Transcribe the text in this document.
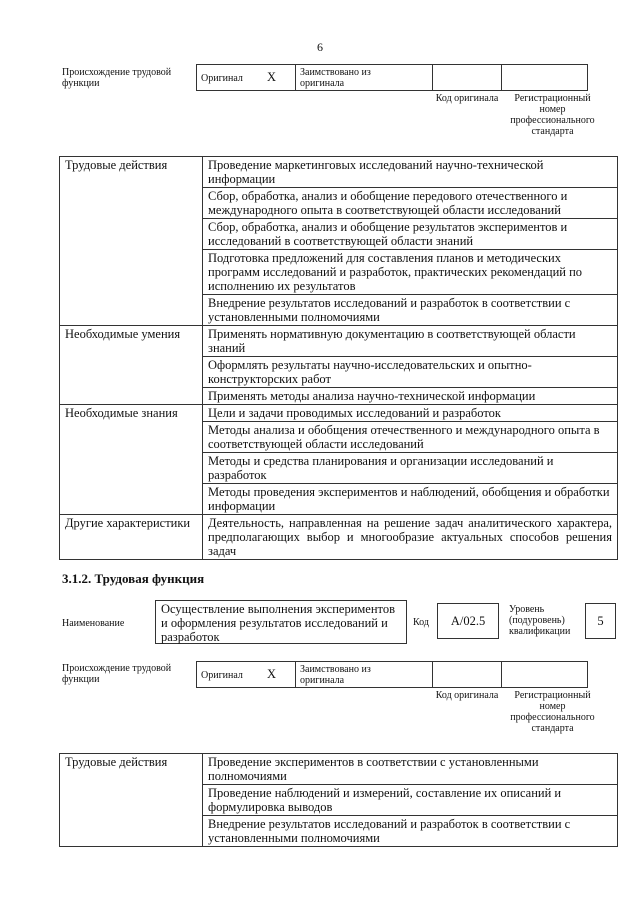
6
Происхождение трудовой функции	Оригинал X Заимствовано из оригинала
Код оригинала	Регистрационный номер профессионального стандарта
Трудовые действия	Проведение маркетинговых исследований научно-технической информации
	Сбор, обработка, анализ и обобщение передового отечественного и международного опыта в соответствующей области исследований
	Сбор, обработка, анализ и обобщение результатов экспериментов и исследований в соответствующей области знаний
	Подготовка предложений для составления планов и методических программ исследований и разработок, практических рекомендаций по исполнению их результатов
	Внедрение результатов исследований и разработок в соответствии с установленными полномочиями
Необходимые умения	Применять нормативную документацию в соответствующей области знаний
	Оформлять результаты научно-исследовательских и опытно-конструкторских работ
	Применять методы анализа научно-технической информации
Необходимые знания	Цели и задачи проводимых исследований и разработок
	Методы анализа и обобщения отечественного и международного опыта в соответствующей области исследований
	Методы и средства планирования и организации исследований и разработок
	Методы проведения экспериментов и наблюдений, обобщения и обработки информации
Другие характеристики	Деятельность, направленная на решение задач аналитического характера, предполагающих выбор и многообразие актуальных способов решения задач
3.1.2. Трудовая функция
Наименование
Осуществление выполнения экспериментов и оформления результатов исследований и разработок
Код	А/02.5
Уровень (подуровень) квалификации
5
Происхождение трудовой функции	Оригинал X Заимствовано из оригинала
Код оригинала	Регистрационный номер профессионального стандарта
Трудовые действия	Проведение экспериментов в соответствии с установленными полномочиями
Проведение наблюдений и измерений, составление их описаний и формулировка выводов
Внедрение результатов исследований и разработок в соответствии с установленными полномочиями
